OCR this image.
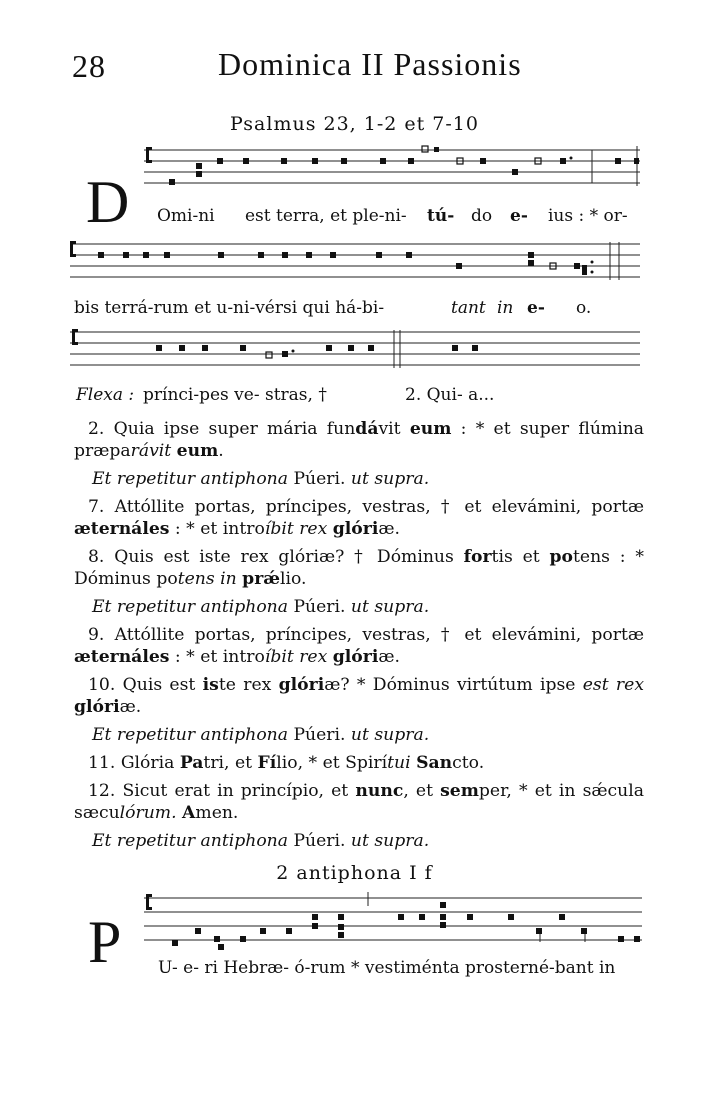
28	Dominica II Passionis
Psalmus 23, 1-2 et 7-10
D Omi-ni est terra, et ple-ni- tú- do e- ius : * or-
bis terrá-rum et u-ni-vérsi qui há-bi-	tant in e- o.
Flexa : prínci-pes ve- stras, †	2. Qui- a...

2. Quia ipse super mária fundávit eum : * et super flúmina præparávit eum.

Et repetitur antiphona Púeri. ut supra.

7. Attóllite portas, príncipes, vestras, † et elevámini, portæ æternáles : * et introíbit rex glóriæ.

8. Quis est iste rex glóriæ? † Dóminus fortis et potens : * Dóminus potens in prǽlio.

Et repetitur antiphona Púeri. ut supra.

9. Attóllite portas, príncipes, vestras, † et elevámini, portæ æternáles : * et introíbit rex glóriæ.

10. Quis est iste rex glóriæ? * Dóminus virtútum ipse est rex glóriæ.

Et repetitur antiphona Púeri. ut supra.

11. Glória Patri, et Fílio, * et Spirítui Sancto.

12. Sicut erat in princípio, et nunc, et semper, * et in sǽcula sæculórum. Amen.

Et repetitur antiphona Púeri. ut supra.

2 antiphona I f
P U- e- ri Hebræ- ó-rum * vestiménta prosterné-bant in
